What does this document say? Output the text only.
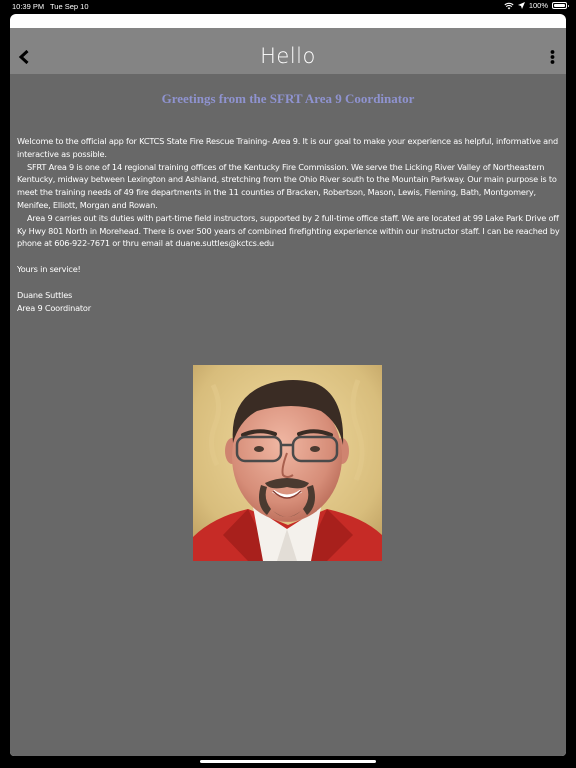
10:39 PM Tue Sep 10	100%
Hello
Greetings from the SFRT Area 9 Coordinator

Welcome to the official app for KCTCS State Fire Rescue Training- Area 9. It is our goal to make your experience as helpful, informative and interactive as possible.

SFRT Area 9 is one of 14 regional training offices of the Kentucky Fire Commission. We serve the Licking River Valley of Northeastern Kentucky, midway between Lexington and Ashland, stretching from the Ohio River south to the Mountain Parkway. Our main purpose is to meet the training needs of 49 fire departments in the 11 counties of Bracken, Robertson, Mason, Lewis, Fleming, Bath, Montgomery, Menifee, Elliott, Morgan and Rowan.

Area 9 carries out its duties with part-time field instructors, supported by 2 full-time office staff. We are located at 99 Lake Park Drive off Ky Hwy 801 North in Morehead. There is over 500 years of combined firefighting experience within our instructor staff. I can be reached by phone at 606-922-7671 or thru email at duane.suttles@kctcs.edu

Yours in service!

Duane Suttles

Area 9 Coordinator
